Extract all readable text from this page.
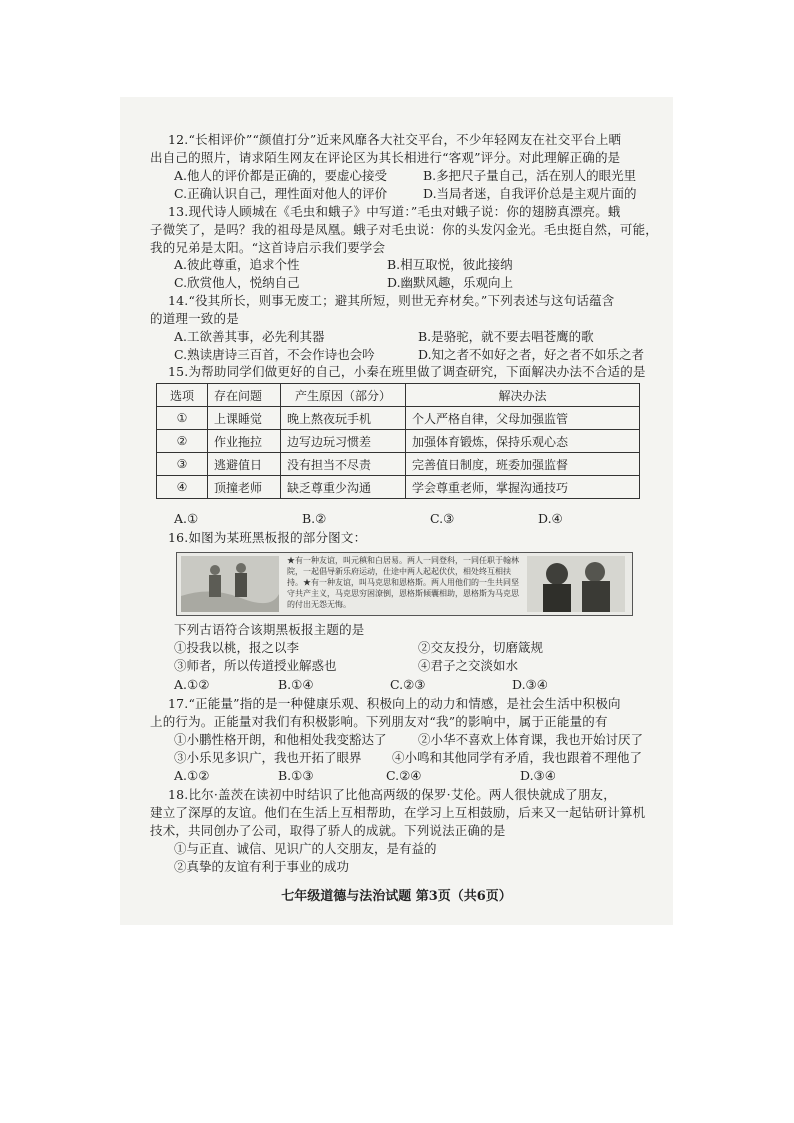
12.“长相评价”“颜值打分”近来风靡各大社交平台，不少年轻网友在社交平台上晒
出自己的照片，请求陌生网友在评论区为其长相进行“客观”评分。对此理解正确的是
A.他人的评价都是正确的，要虚心接受	B.多把尺子量自己，活在别人的眼光里
C.正确认识自己，理性面对他人的评价	D.当局者迷，自我评价总是主观片面的
13.现代诗人顾城在《毛虫和蛾子》中写道：”毛虫对蛾子说：你的翅膀真漂亮。蛾
子微笑了，是吗？我的祖母是凤凰。蛾子对毛虫说：你的头发闪金光。毛虫挺自然，可能，
我的兄弟是太阳。“这首诗启示我们要学会
A.彼此尊重，追求个性	B.相互取悦，彼此接纳
C.欣赏他人，悦纳自己	D.幽默风趣，乐观向上
14.“役其所长，则事无废工；避其所短，则世无弃材矣。”下列表述与这句话蕴含
的道理一致的是
A.工欲善其事，必先利其器	B.是骆驼，就不要去唱苍鹰的歌
C.熟读唐诗三百首，不会作诗也会吟	D.知之者不如好之者，好之者不如乐之者
15.为帮助同学们做更好的自己，小秦在班里做了调查研究，下面解决办法不合适的是
选项	存在问题	产生原因（部分）	解决办法
①	上课睡觉	晚上熬夜玩手机	个人严格自律，父母加强监管
②	作业拖拉	边写边玩习惯差	加强体育锻炼，保持乐观心态
③	逃避值日	没有担当不尽责	完善值日制度，班委加强监督
④	顶撞老师	缺乏尊重少沟通	学会尊重老师，掌握沟通技巧
A.①	B.②	C.③	D.④
16.如图为某班黑板报的部分图文：
★有一种友谊，叫元稹和白居易。两人一同登科，一同任职于翰林院，一起倡导新乐府运动，仕途中两人起起伏伏，相处终互相扶持。★有一种友谊，叫马克思和恩格斯。两人用他们的一生共同坚守共产主义，马克思穷困潦倒，恩格斯倾囊相助，恩格斯为马克思的付出无怨无悔。
下列古语符合该期黑板报主题的是
①投我以桃，报之以李	②交友投分，切磨箴规
③师者，所以传道授业解惑也	④君子之交淡如水
A.①②	B.①④	C.②③	D.③④
17.“正能量”指的是一种健康乐观、积极向上的动力和情感，是社会生活中积极向
上的行为。正能量对我们有积极影响。下列朋友对“我”的影响中，属于正能量的有
①小鹏性格开朗，和他相处我变豁达了	②小华不喜欢上体育课，我也开始讨厌了
③小乐见多识广，我也开拓了眼界 ④小鸣和其他同学有矛盾，我也跟着不理他了
A.①②	B.①③	C.②④	D.③④
18.比尔·盖茨在读初中时结识了比他高两级的保罗·艾伦。两人很快就成了朋友，
建立了深厚的友谊。他们在生活上互相帮助，在学习上互相鼓励，后来又一起钻研计算机
技术，共同创办了公司，取得了骄人的成就。下列说法正确的是
①与正直、诚信、见识广的人交朋友，是有益的
②真挚的友谊有利于事业的成功
七年级道德与法治试题 第3页（共6页）
